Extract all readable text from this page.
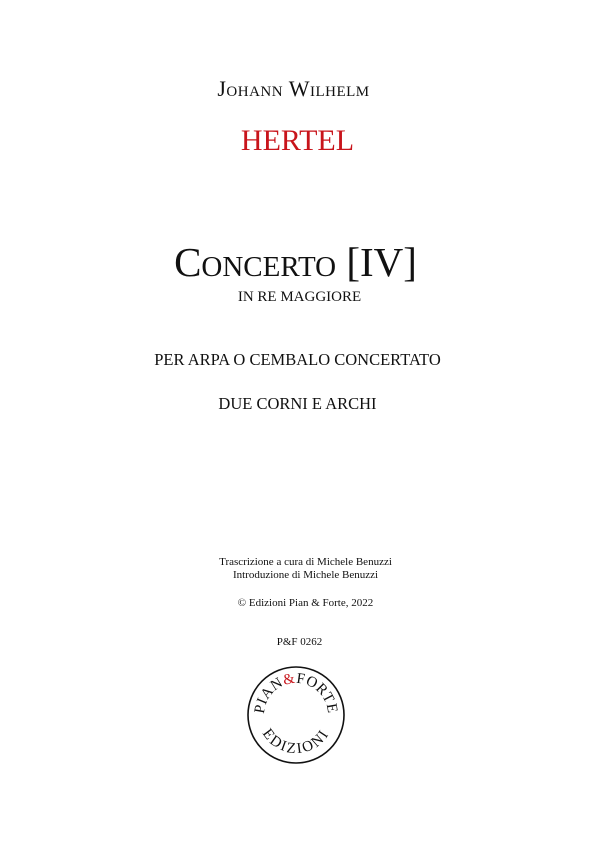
Johann Wilhelm
HERTEL
Concerto [IV]
IN RE MAGGIORE
PER ARPA O CEMBALO CONCERTATO
DUE CORNI E ARCHI
Trascrizione a cura di Michele Benuzzi
Introduzione di Michele Benuzzi
© Edizioni Pian & Forte, 2022
P&F 0262
PIAN&FORTE
EDIZIONI
